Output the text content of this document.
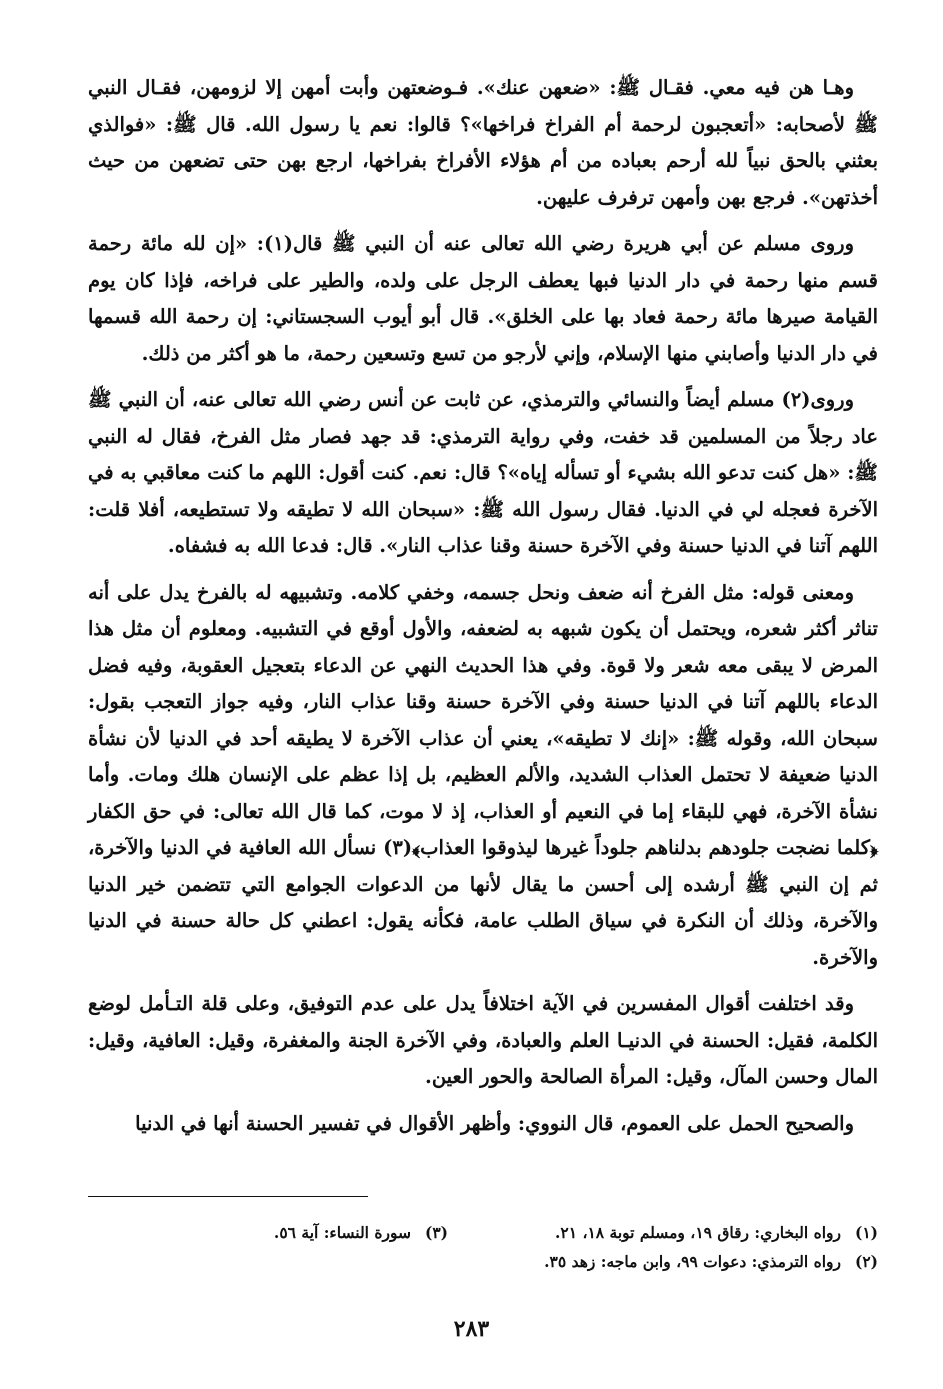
وهـا هن فيه معي. فقـال ﷺ: «ضعهن عنك». فـوضعتهن وأبت أمهن إلا لزومهن، فقـال النبي ﷺ لأصحابه: «أتعجبون لرحمة أم الفراخ فراخها»؟ قالوا: نعم يا رسول الله. قال ﷺ: «فوالذي بعثني بالحق نبياً لله أرحم بعباده من أم هؤلاء الأفراخ بفراخها، ارجع بهن حتى تضعهن من حيث أخذتهن». فرجع بهن وأمهن ترفرف عليهن.

وروى مسلم عن أبي هريرة رضي الله تعالى عنه أن النبي ﷺ قال(١): «إن لله مائة رحمة قسم منها رحمة في دار الدنيا فبها يعطف الرجل على ولده، والطير على فراخه، فإذا كان يوم القيامة صيرها مائة رحمة فعاد بها على الخلق». قال أبو أيوب السجستاني: إن رحمة الله قسمها في دار الدنيا وأصابني منها الإسلام، وإني لأرجو من تسع وتسعين رحمة، ما هو أكثر من ذلك.

وروى(٢) مسلم أيضاً والنسائي والترمذي، عن ثابت عن أنس رضي الله تعالى عنه، أن النبي ﷺ عاد رجلاً من المسلمين قد خفت، وفي رواية الترمذي: قد جهد فصار مثل الفرخ، فقال له النبي ﷺ: «هل كنت تدعو الله بشيء أو تسأله إياه»؟ قال: نعم. كنت أقول: اللهم ما كنت معاقبي به في الآخرة فعجله لي في الدنيا. فقال رسول الله ﷺ: «سبحان الله لا تطيقه ولا تستطيعه، أفلا قلت: اللهم آتنا في الدنيا حسنة وفي الآخرة حسنة وقنا عذاب النار». قال: فدعا الله به فشفاه.

ومعنى قوله: مثل الفرخ أنه ضعف ونحل جسمه، وخفي كلامه. وتشبيهه له بالفرخ يدل على أنه تناثر أكثر شعره، ويحتمل أن يكون شبهه به لضعفه، والأول أوقع في التشبيه. ومعلوم أن مثل هذا المرض لا يبقى معه شعر ولا قوة. وفي هذا الحديث النهي عن الدعاء بتعجيل العقوبة، وفيه فضل الدعاء باللهم آتنا في الدنيا حسنة وفي الآخرة حسنة وقنا عذاب النار، وفيه جواز التعجب بقول: سبحان الله، وقوله ﷺ: «إنك لا تطيقه»، يعني أن عذاب الآخرة لا يطيقه أحد في الدنيا لأن نشأة الدنيا ضعيفة لا تحتمل العذاب الشديد، والألم العظيم، بل إذا عظم على الإنسان هلك ومات. وأما نشأة الآخرة، فهي للبقاء إما في النعيم أو العذاب، إذ لا موت، كما قال الله تعالى: في حق الكفار ﴿كلما نضجت جلودهم بدلناهم جلوداً غيرها ليذوقوا العذاب﴾(٣) نسأل الله العافية في الدنيا والآخرة، ثم إن النبي ﷺ أرشده إلى أحسن ما يقال لأنها من الدعوات الجوامع التي تتضمن خير الدنيا والآخرة، وذلك أن النكرة في سياق الطلب عامة، فكأنه يقول: اعطني كل حالة حسنة في الدنيا والآخرة.

وقد اختلفت أقوال المفسرين في الآية اختلافاً يدل على عدم التوفيق، وعلى قلة التـأمل لوضع الكلمة، فقيل: الحسنة في الدنيـا العلم والعبادة، وفي الآخرة الجنة والمغفرة، وقيل: العافية، وقيل: المال وحسن المآل، وقيل: المرأة الصالحة والحور العين.

والصحيح الحمل على العموم، قال النووي: وأظهر الأقوال في تفسير الحسنة أنها في الدنيا

(١)رواه البخاري: رقاق ١٩، ومسلم توبة ١٨، ٢١.
(٣)سورة النساء: آية ٥٦.
(٢)رواه الترمذي: دعوات ٩٩، وابن ماجه: زهد ٣٥.
٢٨٣
